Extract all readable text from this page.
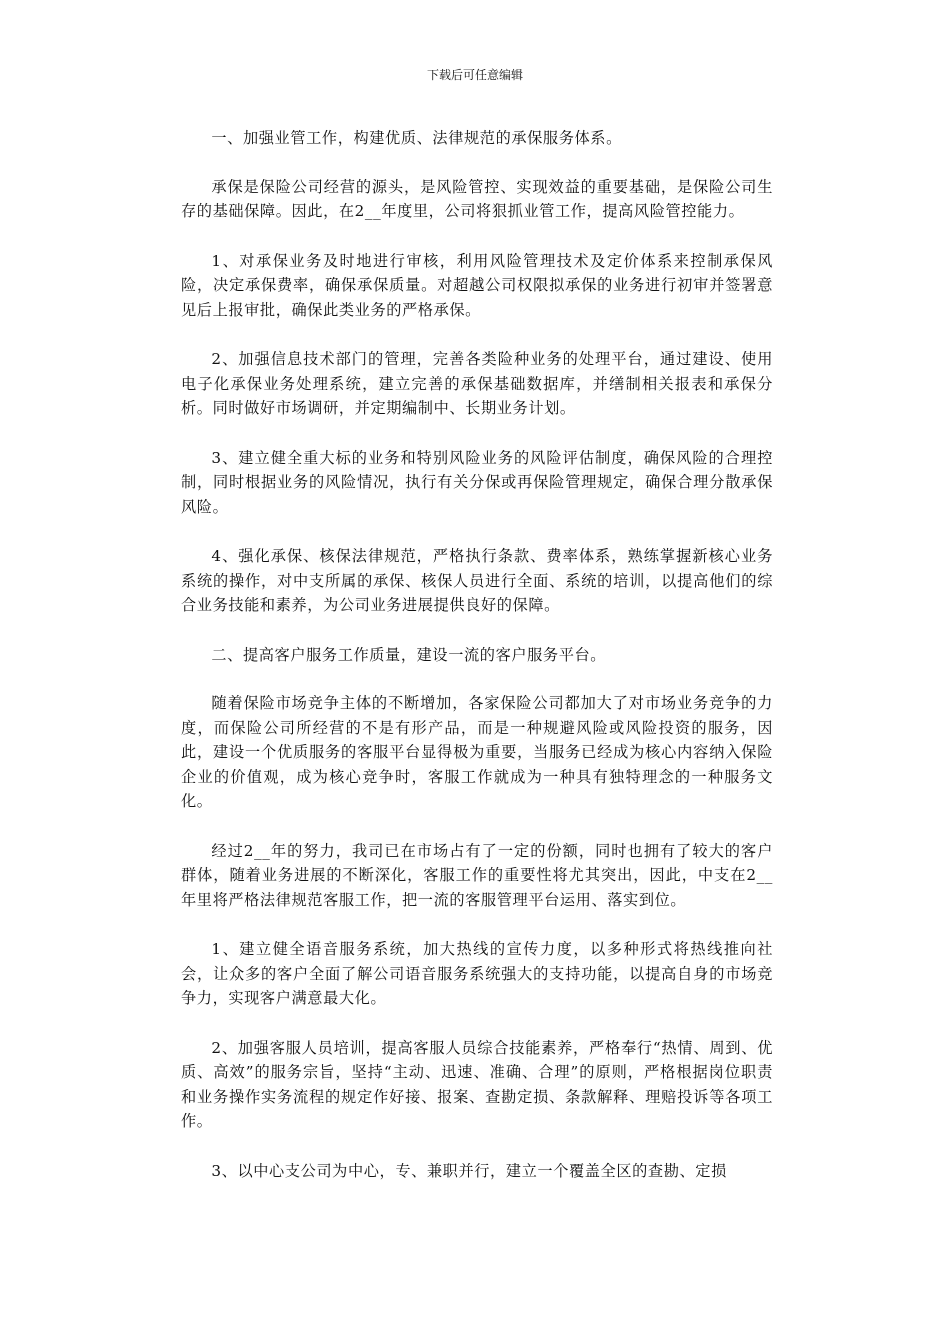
下载后可任意编辑

一、加强业管工作，构建优质、法律规范的承保服务体系。

承保是保险公司经营的源头，是风险管控、实现效益的重要基础，是保险公司生存的基础保障。因此，在2__年度里，公司将狠抓业管工作，提高风险管控能力。

1、对承保业务及时地进行审核，利用风险管理技术及定价体系来控制承保风险，决定承保费率，确保承保质量。对超越公司权限拟承保的业务进行初审并签署意见后上报审批，确保此类业务的严格承保。

2、加强信息技术部门的管理，完善各类险种业务的处理平台，通过建设、使用电子化承保业务处理系统，建立完善的承保基础数据库，并缮制相关报表和承保分析。同时做好市场调研，并定期编制中、长期业务计划。

3、建立健全重大标的业务和特别风险业务的风险评估制度，确保风险的合理控制，同时根据业务的风险情况，执行有关分保或再保险管理规定，确保合理分散承保风险。

4、强化承保、核保法律规范，严格执行条款、费率体系，熟练掌握新核心业务系统的操作，对中支所属的承保、核保人员进行全面、系统的培训，以提高他们的综合业务技能和素养，为公司业务进展提供良好的保障。

二、提高客户服务工作质量，建设一流的客户服务平台。

随着保险市场竞争主体的不断增加，各家保险公司都加大了对市场业务竞争的力度，而保险公司所经营的不是有形产品，而是一种规避风险或风险投资的服务，因此，建设一个优质服务的客服平台显得极为重要，当服务已经成为核心内容纳入保险企业的价值观，成为核心竞争时，客服工作就成为一种具有独特理念的一种服务文化。

经过2__年的努力，我司已在市场占有了一定的份额，同时也拥有了较大的客户群体，随着业务进展的不断深化，客服工作的重要性将尤其突出，因此，中支在2__年里将严格法律规范客服工作，把一流的客服管理平台运用、落实到位。

1、建立健全语音服务系统，加大热线的宣传力度，以多种形式将热线推向社会，让众多的客户全面了解公司语音服务系统强大的支持功能，以提高自身的市场竞争力，实现客户满意最大化。

2、加强客服人员培训，提高客服人员综合技能素养，严格奉行“热情、周到、优质、高效”的服务宗旨，坚持“主动、迅速、准确、合理”的原则，严格根据岗位职责和业务操作实务流程的规定作好接、报案、查勘定损、条款解释、理赔投诉等各项工作。

3、以中心支公司为中心，专、兼职并行，建立一个覆盖全区的查勘、定损
